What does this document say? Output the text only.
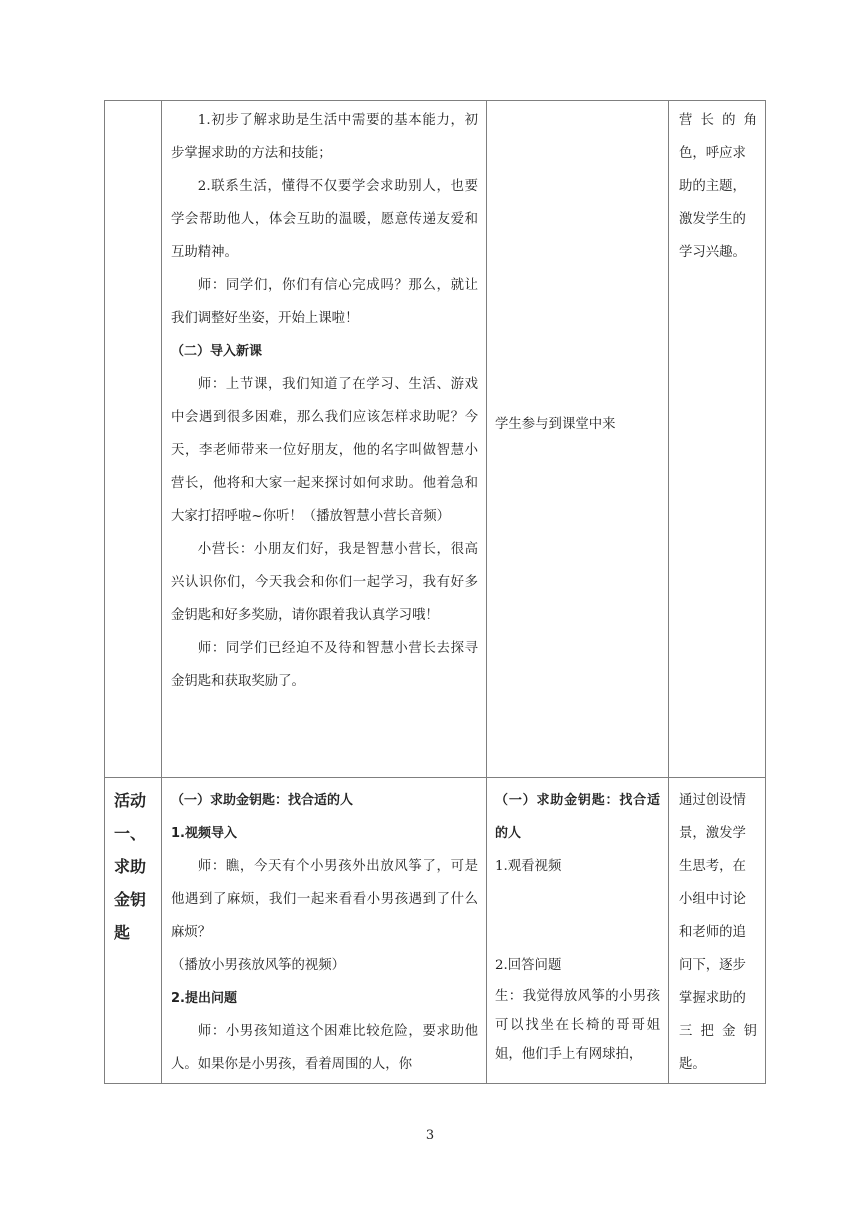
1.初步了解求助是生活中需要的基本能力，初步掌握求助的方法和技能；

2.联系生活，懂得不仅要学会求助别人，也要学会帮助他人，体会互助的温暖，愿意传递友爱和互助精神。

师：同学们，你们有信心完成吗？那么，就让我们调整好坐姿，开始上课啦！

（二）导入新课

师：上节课，我们知道了在学习、生活、游戏中会遇到很多困难，那么我们应该怎样求助呢？今天，李老师带来一位好朋友，他的名字叫做智慧小营长，他将和大家一起来探讨如何求助。他着急和大家打招呼啦~你听！（播放智慧小营长音频）

小营长：小朋友们好，我是智慧小营长，很高兴认识你们，今天我会和你们一起学习，我有好多金钥匙和好多奖励，请你跟着我认真学习哦！

师：同学们已经迫不及待和智慧小营长去探寻金钥匙和获取奖励了。

学生参与到课堂中来

营长的角

色，呼应求

助的主题，

激发学生的

学习兴趣。

活动

一、

求助

金钥

匙

（一）求助金钥匙：找合适的人

1.视频导入

师：瞧，今天有个小男孩外出放风筝了，可是他遇到了麻烦，我们一起来看看小男孩遇到了什么麻烦？

（播放小男孩放风筝的视频）

2.提出问题

师：小男孩知道这个困难比较危险，要求助他人。如果你是小男孩，看着周围的人，你

（一）求助金钥匙：找合适的人

1.观看视频

2.回答问题

生：我觉得放风筝的小男孩可以找坐在长椅的哥哥姐姐，他们手上有网球拍，

通过创设情

景，激发学

生思考，在

小组中讨论

和老师的追

问下，逐步

掌握求助的

三把金钥

匙。

3
